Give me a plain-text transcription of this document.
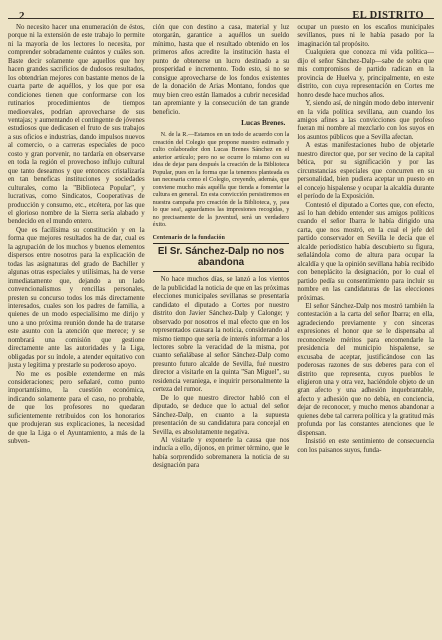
2	EL DISTRITO

No necesito hacer una enumeración de éstos, porque ni la extensión de este trabajo lo permite ni la mayoría de los lectores lo necesita, por comprender sobradamente cuántos y cuáles son. Baste decir solamente que aquellos que hoy hacen grandes sacrificios de dudosos resultados, los obtendrían mejores con bastante menos de la cuarta parte de aquéllos, y los que por esa condiciones tienen que conformarse con los rutinarios procedimientos de tiempos medioevales, podrían aprovecharse de sus ventajas; y aumentando el contingente de jóvenes estudiosos que dedicasen el fruto de sus trabajos a sus oficios e industrias, dando impulsos nuevos al comercio, o a carreras especiales de poco costo y gran porvenir, no tardaría en observarse en toda la región el provechoso influjo cultural que tanto deseamos y que entonces cristalizaría en tan beneficas instituciones y sociedades culturales, como la "Biblioteca Popular", y lucrativas, como Sindicatos, Cooperativas de producción y consumo, etc., etcétera, por las que el glorioso nombre de la Sierra sería alabado y bendecido en el mundo entero.

Que es facilísima su constitución y en la forma que mejores resultados ha de dar, cual es la agrupación de los muchos y buenos elementos dispersos entre nosotros para la explicación de todas las asignaturas del grado de Bachiller y algunas otras especiales y utilísimas, ha de verse inmediatamente que, dejando a un lado convencionalismos y rencillas personales, presten su concurso todos los más directamente interesados, cuales son los padres de familia, a quienes de un modo especialísimo me dirijo y uno a uno próxima reunión donde ha de tratarse este asunto con la atención que merece; y se nombrará una comisión que gestione directamente ante las autoridades y la Liga, obligadas por su índole, a atender equitativo con justa y legítima y prestarle su poderoso apoyo.

No me es posible extenderme en más consideraciones; pero señalaré, como punto importantísimo, la cuestión económica, indicando solamente para el caso, no probable, de que los profesores no quedaran suficientemente retribuidos con los honorarios que produjeran sus explicaciones, la necesidad de que la Liga o el Ayuntamiento, a más de la subven-

ción que con destino a casa, material y luz otorgarán, garantice a aquéllos un sueldo mínimo, hasta que el resultado obtenido en los primeros años acredite la institución hasta el punto de obtenerse un lucro destinado a su prosperidad e incremento. Todo esto, si no se consigue aprovecharse de los fondos existentes de la donación de Arias Montano, fondos que muy bien creo están llamados a cubrir necesidad tan apremiante y la consecución de tan grande beneficio.

Lucas Brenes.

N. de la R.—Estamos en un todo de acuerdo con la creación del Colegio que propone nuestro estimado y culto colaborador don Lucas Brenes Sánchez en el anterior artículo; pero no se ocurre lo mismo con su idea de dejar para después la creación de la Biblioteca Popular, pues en la forma que la tenemos planteada es tan necesaria como el Colegio, creyendo, además, que conviene mucho más aquélla que tienda a fomentar la cultura en general. En esta convicción persistiremos en nuestra campaña pro creación de la Biblioteca, y, ¡sea lo que sea!, aguardamos las impresiones recogidas, y no precisamente de la juventud, será un verdadero éxito.

Centenario de la fundación
El Sr. Sánchez-Dalp no nos abandona

No hace muchos días, se lanzó a los vientos de la publicidad la noticia de que en las próximas elecciones municipales sevillanas se presentaría candidato el diputado a Cortes por nuestro distrito don Javier Sánchez-Dalp y Calonge; y observado por nosotros el mal efecto que en los representados causara la noticia, considerando al mismo tiempo que sería de interés informar a los lectores sobre la veracidad de la misma, por cuanto señalábase al señor Sánchez-Dalp como presunto futuro alcalde de Sevilla, fué nuestro director a visitarle en la quinta "San Miguel", su residencia veraniega, e inquirir personalmente la certeza del rumor.

De lo que nuestro director habló con el diputado, se deduce que lo actual del señor Sánchez-Dalp, en cuanto a la supuesta presentación de su candidatura para concejal en Sevilla, es absolutamente negativa.

Al visitarle y exponerle la causa que nos inducía a ello, díjonos, en primer término, que le había sorprendido sobremanera la noticia de su designación para

ocupar un puesto en los escaños municipales sevillanos, pues ni le había pasado por la imaginación tal propósito.

Cualquiera que conozca mi vida política—dijo el señor Sánchez-Dalp—sabe de sobra que mis compromisos de partido radican en la provincia de Huelva y, principalmente, en este distrito, con cuya representación en Cortes me honro desde hace muchos años.

Y, siendo así, de ningún modo debo intervenir en la vida política sevillana, aun cuando los amigos afines a las convicciones que profeso fueran mi nombre al mezclarlo con los suyos en los asuntos públicos que a Sevilla afectan.

A estas manifestaciones hubo de objetarle nuestro director que, por ser vecino de la capital bética, por su significación y por las circunstancias especiales que concurren en su personalidad, bien pudiera aceptar un puesto en el concejo hispalense y ocupar la alcaldía durante el período de la Exposición.

Contestó el diputado a Cortes que, con efecto, así lo han debido entender sus amigos políticos cuando el señor Ibarra le había dirigido una carta, que nos mostró, en la cual el jefe del partido conservador en Sevilla le decía que el alcalde periodístico había descubierto su figura, señalándola como de altura para ocupar la alcaldía y que la opinión sevillana había recibido con beneplácito la designación, por lo cual el partido pedía su consentimiento para incluir su nombre en las candidaturas de las elecciones próximas.

El señor Sánchez-Dalp nos mostró también la contestación a la carta del señor Ibarra; en ella, agradeciendo previamente y con sinceras expresiones el honor que se le dispensaba al reconocérsele méritos para encomendarle la presidencia del municipio hispalense, se excusaba de aceptar, justificándose con las poderosas razones de sus deberes para con el distrito que representa, cuyos pueblos le eligieron una y otra vez, haciéndole objeto de un gran afecto y una adhesión inquebrantable, afecto y adhesión que no debía, en conciencia, dejar de reconocer, y mucho menos abandonar a quienes debe tal carrera política y la gratitud más profunda por las constantes atenciones que le dispensan.

Insistió en este sentimiento de consecuencia con los paisanos suyos, funda-
